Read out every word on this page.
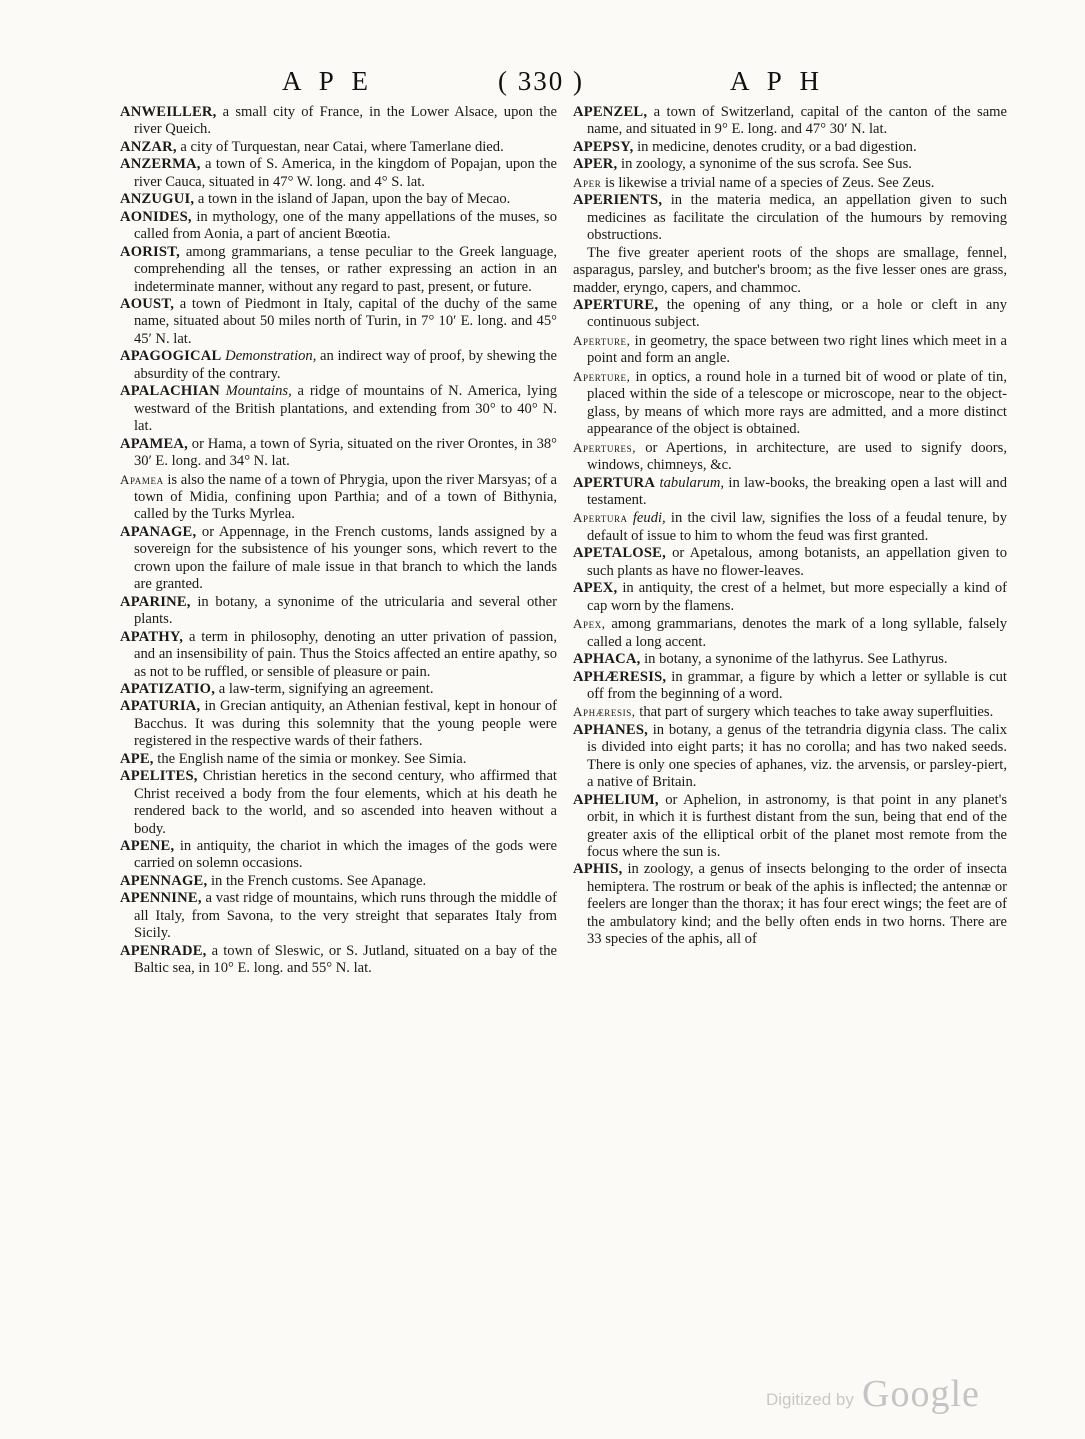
A P E	( 330 )	A P H

ANWEILLER, a small city of France, in the Lower Alsace, upon the river Queich.

ANZAR, a city of Turquestan, near Catai, where Tamerlane died.

ANZERMA, a town of S. America, in the kingdom of Popajan, upon the river Cauca, situated in 47° W. long. and 4° S. lat.

ANZUGUI, a town in the island of Japan, upon the bay of Mecao.

AONIDES, in mythology, one of the many appellations of the muses, so called from Aonia, a part of ancient Bœotia.

AORIST, among grammarians, a tense peculiar to the Greek language, comprehending all the tenses, or rather expressing an action in an indeterminate manner, without any regard to past, present, or future.

AOUST, a town of Piedmont in Italy, capital of the duchy of the same name, situated about 50 miles north of Turin, in 7° 10′ E. long. and 45° 45′ N. lat.

APAGOGICAL Demonstration, an indirect way of proof, by shewing the absurdity of the contrary.

APALACHIAN Mountains, a ridge of mountains of N. America, lying westward of the British plantations, and extending from 30° to 40° N. lat.

APAMEA, or Hama, a town of Syria, situated on the river Orontes, in 38° 30′ E. long. and 34° N. lat.

Apamea is also the name of a town of Phrygia, upon the river Marsyas; of a town of Midia, confining upon Parthia; and of a town of Bithynia, called by the Turks Myrlea.

APANAGE, or Appennage, in the French customs, lands assigned by a sovereign for the subsistence of his younger sons, which revert to the crown upon the failure of male issue in that branch to which the lands are granted.

APARINE, in botany, a synonime of the utricularia and several other plants.

APATHY, a term in philosophy, denoting an utter privation of passion, and an insensibility of pain. Thus the Stoics affected an entire apathy, so as not to be ruffled, or sensible of pleasure or pain.

APATIZATIO, a law-term, signifying an agreement.

APATURIA, in Grecian antiquity, an Athenian festival, kept in honour of Bacchus. It was during this solemnity that the young people were registered in the respective wards of their fathers.

APE, the English name of the simia or monkey. See Simia.

APELITES, Christian heretics in the second century, who affirmed that Christ received a body from the four elements, which at his death he rendered back to the world, and so ascended into heaven without a body.

APENE, in antiquity, the chariot in which the images of the gods were carried on solemn occasions.

APENNAGE, in the French customs. See Apanage.

APENNINE, a vast ridge of mountains, which runs through the middle of all Italy, from Savona, to the very streight that separates Italy from Sicily.

APENRADE, a town of Sleswic, or S. Jutland, situated on a bay of the Baltic sea, in 10° E. long. and 55° N. lat.

APENZEL, a town of Switzerland, capital of the canton of the same name, and situated in 9° E. long. and 47° 30′ N. lat.

APEPSY, in medicine, denotes crudity, or a bad digestion.

APER, in zoology, a synonime of the sus scrofa. See Sus.

Aper is likewise a trivial name of a species of Zeus. See Zeus.

APERIENTS, in the materia medica, an appellation given to such medicines as facilitate the circulation of the humours by removing obstructions.

The five greater aperient roots of the shops are smallage, fennel, asparagus, parsley, and butcher's broom; as the five lesser ones are grass, madder, eryngo, capers, and chammoc.

APERTURE, the opening of any thing, or a hole or cleft in any continuous subject.

Aperture, in geometry, the space between two right lines which meet in a point and form an angle.

Aperture, in optics, a round hole in a turned bit of wood or plate of tin, placed within the side of a telescope or microscope, near to the object-glass, by means of which more rays are admitted, and a more distinct appearance of the object is obtained.

Apertures, or Apertions, in architecture, are used to signify doors, windows, chimneys, &c.

APERTURA tabularum, in law-books, the breaking open a last will and testament.

Apertura feudi, in the civil law, signifies the loss of a feudal tenure, by default of issue to him to whom the feud was first granted.

APETALOSE, or Apetalous, among botanists, an appellation given to such plants as have no flower-leaves.

APEX, in antiquity, the crest of a helmet, but more especially a kind of cap worn by the flamens.

Apex, among grammarians, denotes the mark of a long syllable, falsely called a long accent.

APHACA, in botany, a synonime of the lathyrus. See Lathyrus.

APHÆRESIS, in grammar, a figure by which a letter or syllable is cut off from the beginning of a word.

Aphæresis, that part of surgery which teaches to take away superfluities.

APHANES, in botany, a genus of the tetrandria digynia class. The calix is divided into eight parts; it has no corolla; and has two naked seeds. There is only one species of aphanes, viz. the arvensis, or parsley-piert, a native of Britain.

APHELIUM, or Aphelion, in astronomy, is that point in any planet's orbit, in which it is furthest distant from the sun, being that end of the greater axis of the elliptical orbit of the planet most remote from the focus where the sun is.

APHIS, in zoology, a genus of insects belonging to the order of insecta hemiptera. The rostrum or beak of the aphis is inflected; the antennæ or feelers are longer than the thorax; it has four erect wings; the feet are of the ambulatory kind; and the belly often ends in two horns. There are 33 species of the aphis, all of

Digitized by Google
